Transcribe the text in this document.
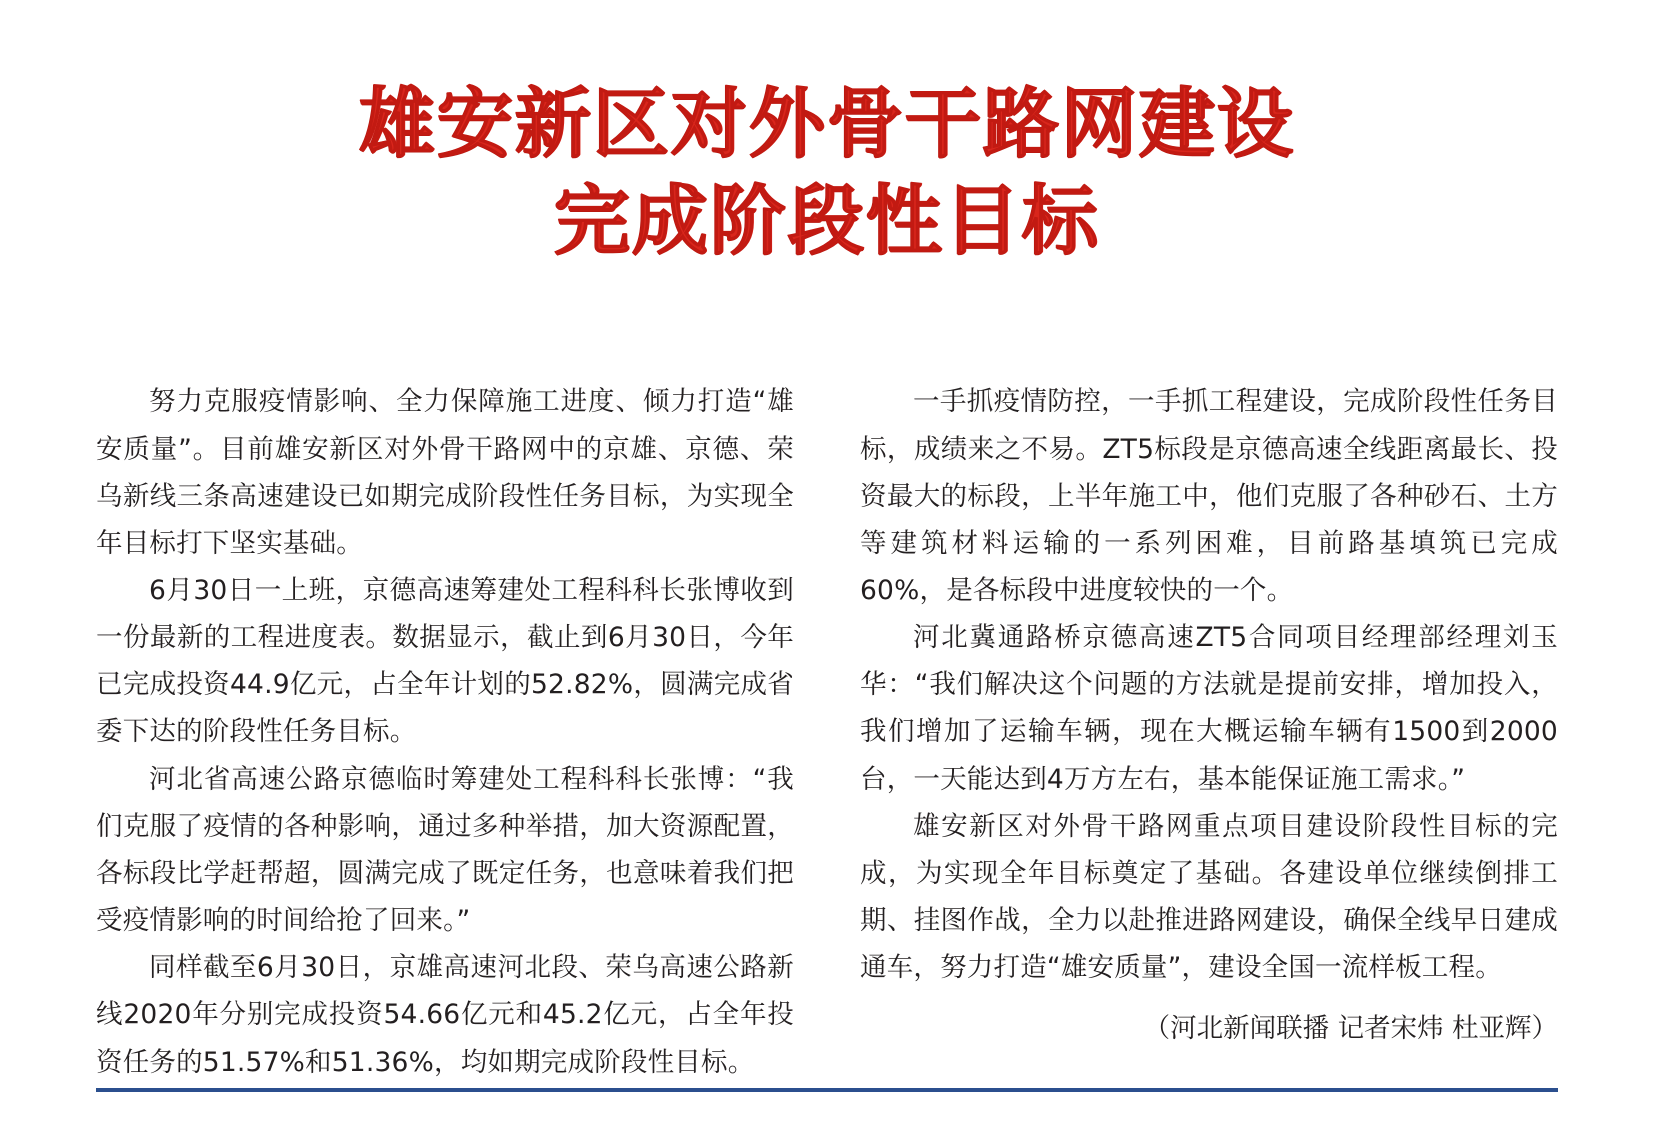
雄安新区对外骨干路网建设
完成阶段性目标

努力克服疫情影响、全力保障施工进度、倾力打造“雄安质量”。目前雄安新区对外骨干路网中的京雄、京德、荣乌新线三条高速建设已如期完成阶段性任务目标，为实现全年目标打下坚实基础。

6月30日一上班，京德高速筹建处工程科科长张博收到一份最新的工程进度表。数据显示，截止到6月30日，今年已完成投资44.9亿元，占全年计划的52.82%，圆满完成省委下达的阶段性任务目标。

河北省高速公路京德临时筹建处工程科科长张博：“我们克服了疫情的各种影响，通过多种举措，加大资源配置，各标段比学赶帮超，圆满完成了既定任务，也意味着我们把受疫情影响的时间给抢了回来。”

同样截至6月30日，京雄高速河北段、荣乌高速公路新线2020年分别完成投资54.66亿元和45.2亿元，占全年投资任务的51.57%和51.36%，均如期完成阶段性目标。

一手抓疫情防控，一手抓工程建设，完成阶段性任务目标，成绩来之不易。ZT5标段是京德高速全线距离最长、投资最大的标段，上半年施工中，他们克服了各种砂石、土方等建筑材料运输的一系列困难，目前路基填筑已完成60%，是各标段中进度较快的一个。

河北冀通路桥京德高速ZT5合同项目经理部经理刘玉华：“我们解决这个问题的方法就是提前安排，增加投入，我们增加了运输车辆，现在大概运输车辆有1500到2000台，一天能达到4万方左右，基本能保证施工需求。”

雄安新区对外骨干路网重点项目建设阶段性目标的完成，为实现全年目标奠定了基础。各建设单位继续倒排工期、挂图作战，全力以赴推进路网建设，确保全线早日建成通车，努力打造“雄安质量”，建设全国一流样板工程。

（河北新闻联播 记者宋炜 杜亚辉）
